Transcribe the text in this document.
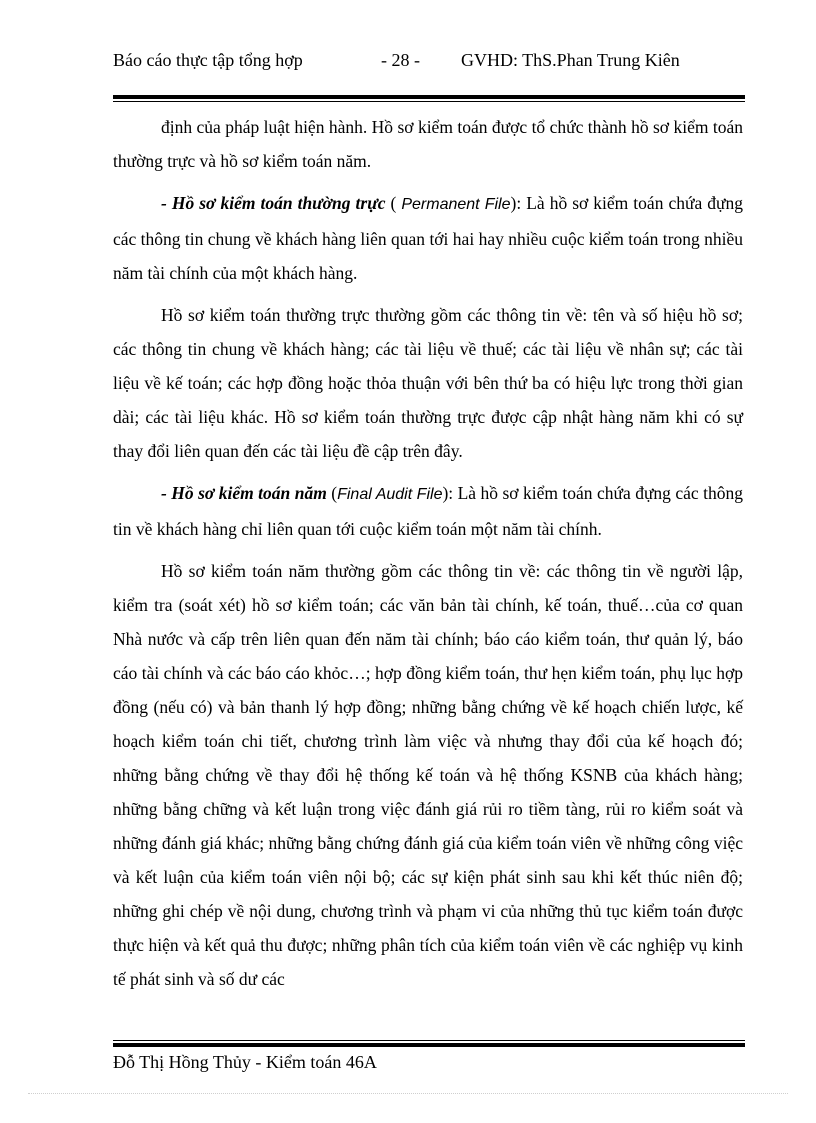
Báo cáo thực tập tổng hợp	- 28 - GVHD: ThS.Phan Trung Kiên

định của pháp luật hiện hành. Hồ sơ kiểm toán được tổ chức thành hồ sơ kiểm toán thường trực và hồ sơ kiểm toán năm.

- Hồ sơ kiểm toán thường trực ( Permanent File): Là hồ sơ kiểm toán chứa đựng các thông tin chung về khách hàng liên quan tới hai hay nhiều cuộc kiểm toán trong nhiều năm tài chính của một khách hàng.

Hồ sơ kiểm toán thường trực thường gồm các thông tin về: tên và số hiệu hồ sơ; các thông tin chung về khách hàng; các tài liệu về thuế; các tài liệu về nhân sự; các tài liệu về kế toán; các hợp đồng hoặc thỏa thuận với bên thứ ba có hiệu lực trong thời gian dài; các tài liệu khác. Hồ sơ kiểm toán thường trực được cập nhật hàng năm khi có sự thay đổi liên quan đến các tài liệu đề cập trên đây.

- Hồ sơ kiểm toán năm (Final Audit File): Là hồ sơ kiểm toán chứa đựng các thông tin về khách hàng chỉ liên quan tới cuộc kiểm toán một năm tài chính.

Hồ sơ kiểm toán năm thường gồm các thông tin về: các thông tin về người lập, kiểm tra (soát xét) hồ sơ kiểm toán; các văn bản tài chính, kế toán, thuế…của cơ quan Nhà nước và cấp trên liên quan đến năm tài chính; báo cáo kiểm toán, thư quản lý, báo cáo tài chính và các báo cáo khỏc…; hợp đồng kiểm toán, thư hẹn kiểm toán, phụ lục hợp đồng (nếu có) và bản thanh lý hợp đồng; những bằng chứng về kế hoạch chiến lược, kế hoạch kiểm toán chi tiết, chương trình làm việc và nhưng thay đổi của kế hoạch đó; những bằng chứng về thay đổi hệ thống kế toán và hệ thống KSNB của khách hàng; những bằng chững và kết luận trong việc đánh giá rủi ro tiềm tàng, rủi ro kiểm soát và những đánh giá khác; những bằng chứng đánh giá của kiểm toán viên về những công việc và kết luận của kiểm toán viên nội bộ; các sự kiện phát sinh sau khi kết thúc niên độ; những ghi chép về nội dung, chương trình và phạm vi của những thủ tục kiểm toán được thực hiện và kết quả thu được; những phân tích của kiểm toán viên về các nghiệp vụ kinh tế phát sinh và số dư các

Đỗ Thị Hồng Thủy - Kiểm toán 46A
